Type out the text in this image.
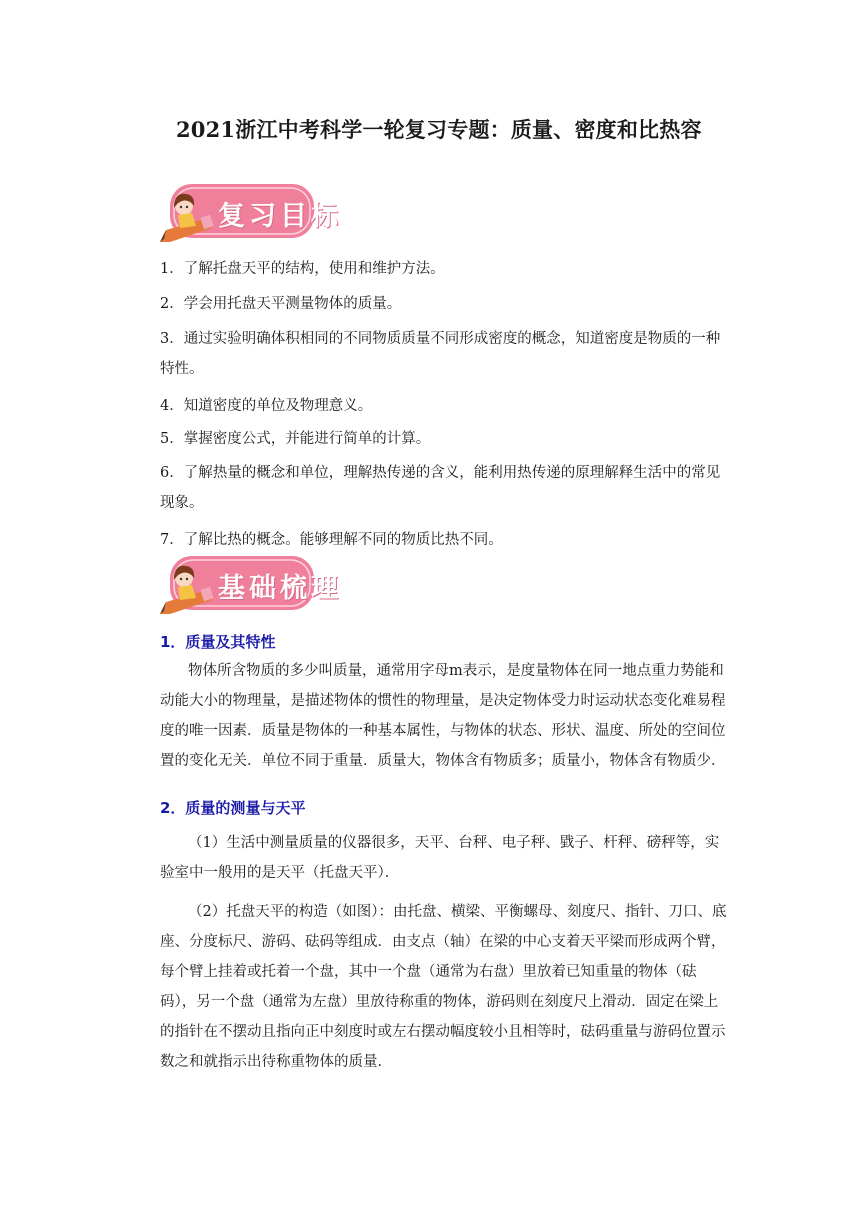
2021浙江中考科学一轮复习专题：质量、密度和比热容
复习目标

1．了解托盘天平的结构，使用和维护方法。

2．学会用托盘天平测量物体的质量。

3．通过实验明确体积相同的不同物质质量不同形成密度的概念，知道密度是物质的一种特性。

4．知道密度的单位及物理意义。

5．掌握密度公式，并能进行简单的计算。

6．了解热量的概念和单位，理解热传递的含义，能利用热传递的原理解释生活中的常见现象。

7．了解比热的概念。能够理解不同的物质比热不同。

基础梳理

1．质量及其特性

物体所含物质的多少叫质量，通常用字母m表示，是度量物体在同一地点重力势能和动能大小的物理量，是描述物体的惯性的物理量，是决定物体受力时运动状态变化难易程度的唯一因素．质量是物体的一种基本属性，与物体的状态、形状、温度、所处的空间位置的变化无关．单位不同于重量．质量大，物体含有物质多；质量小，物体含有物质少．

2．质量的测量与天平

（1）生活中测量质量的仪器很多，天平、台秤、电子秤、戥子、杆秤、磅秤等，实验室中一般用的是天平（托盘天平）．

（2）托盘天平的构造（如图）：由托盘、横梁、平衡螺母、刻度尺、指针、刀口、底座、分度标尺、游码、砝码等组成．由支点（轴）在梁的中心支着天平梁而形成两个臂，每个臂上挂着或托着一个盘，其中一个盘（通常为右盘）里放着已知重量的物体（砝码），另一个盘（通常为左盘）里放待称重的物体，游码则在刻度尺上滑动．固定在梁上的指针在不摆动且指向正中刻度时或左右摆动幅度较小且相等时，砝码重量与游码位置示数之和就指示出待称重物体的质量．
